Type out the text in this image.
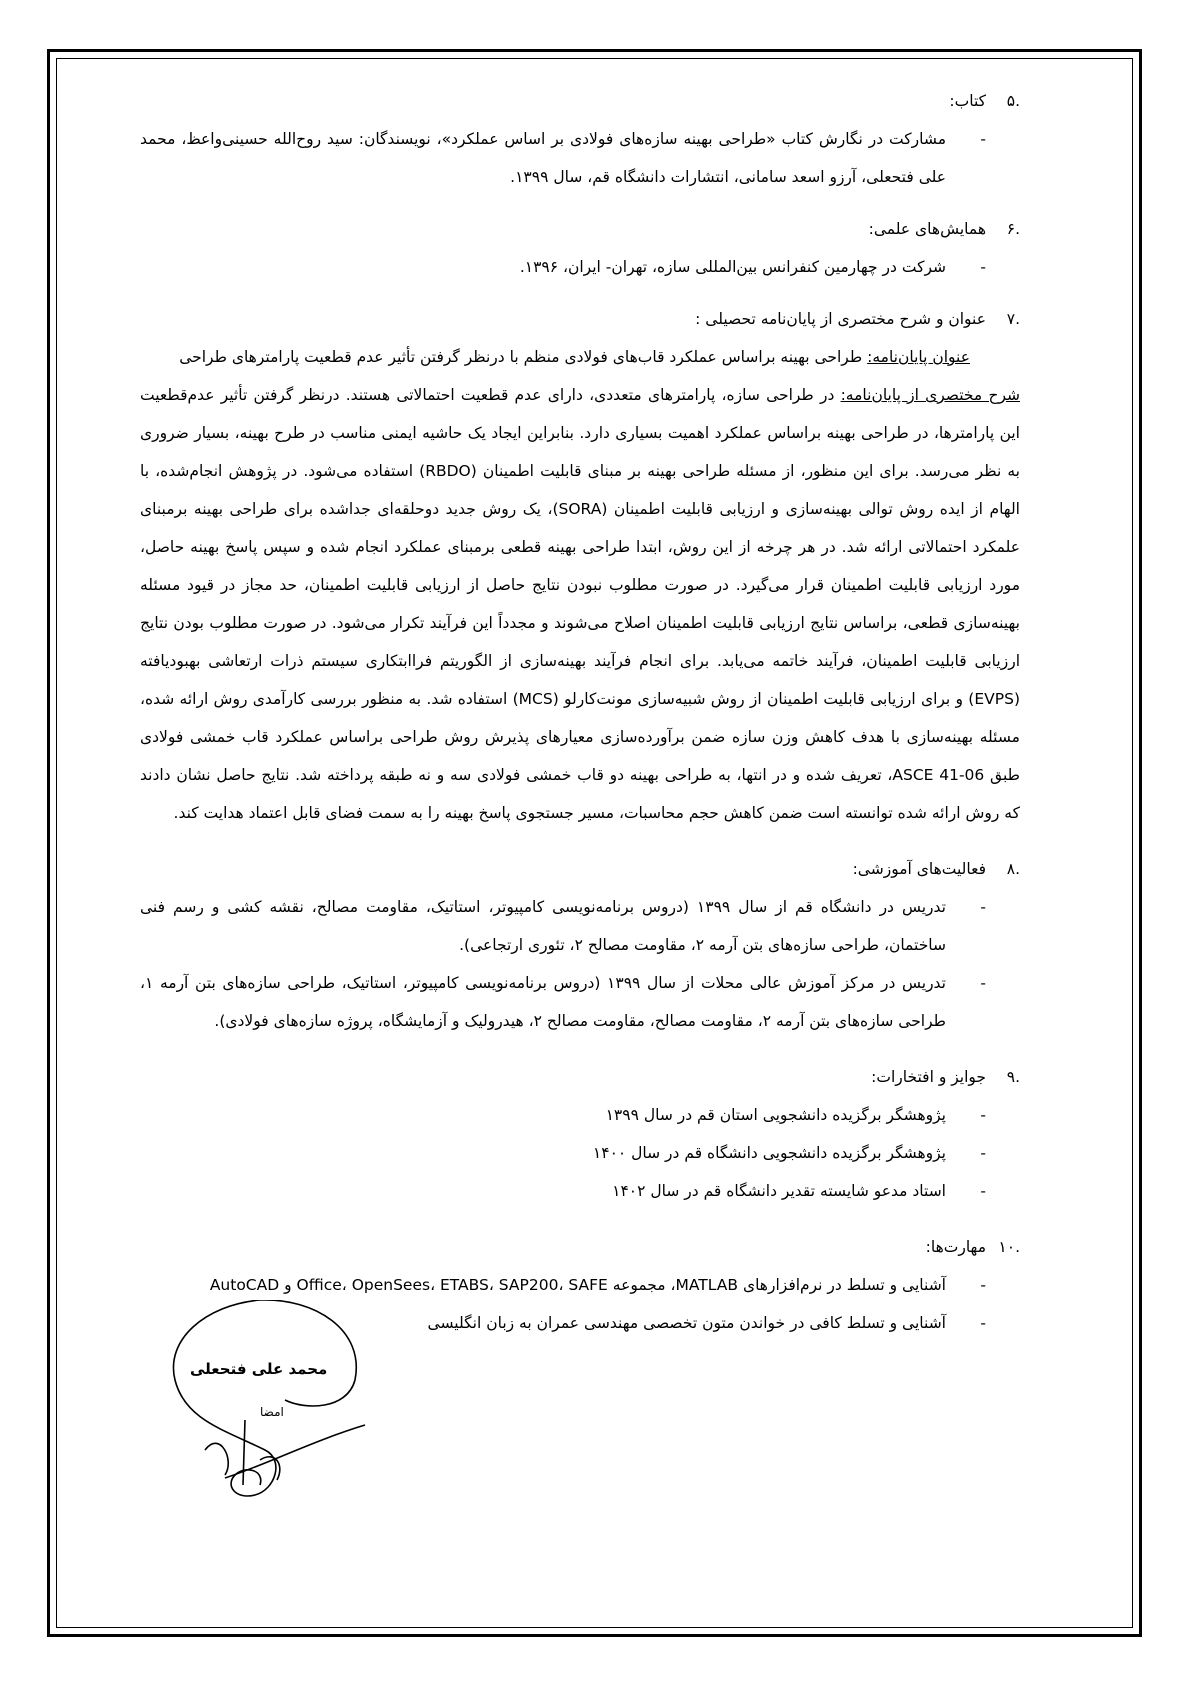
.۵
کتاب:
-
مشارکت در نگارش کتاب «طراحی بهینه سازه‌های فولادی بر اساس عملکرد»، نویسندگان: سید روح‌الله حسینی‌واعظ، محمد علی فتحعلی، آرزو اسعد سامانی، انتشارات دانشگاه قم، سال ۱۳۹۹.
.۶
همایش‌های علمی:
-
شرکت در چهارمین کنفرانس بین‌المللی سازه، تهران- ایران، ۱۳۹۶.
.۷
عنوان و شرح مختصری از پایان‌نامه تحصیلی :
عنوان پایان‌نامه: طراحی بهینه براساس عملکرد قاب‌های فولادی منظم با درنظر گرفتن تأثیر عدم قطعیت پارامترهای طراحی
شرح مختصری از پایان‌نامه: در طراحی سازه، پارامترهای متعددی، دارای عدم قطعیت احتمالاتی هستند. درنظر گرفتن تأثیر عدم‌قطعیت این پارامترها، در طراحی بهینه براساس عملکرد اهمیت بسیاری دارد. بنابراین ایجاد یک حاشیه ایمنی مناسب در طرح بهینه، بسیار ضروری به نظر می‌رسد. برای این منظور، از مسئله طراحی بهینه بر مبنای قابلیت اطمینان (RBDO) استفاده می‌شود. در پژوهش انجام‌شده، با الهام از ایده روش توالی بهینه‌سازی و ارزیابی قابلیت اطمینان (SORA)، یک روش جدید دوحلقه‌ای جداشده برای طراحی بهینه برمبنای علمکرد احتمالاتی ارائه شد. در هر چرخه از این روش، ابتدا طراحی بهینه قطعی برمبنای عملکرد انجام شده و سپس پاسخ بهینه حاصل، مورد ارزیابی قابلیت اطمینان قرار می‌گیرد. در صورت مطلوب نبودن نتایج حاصل از ارزیابی قابلیت اطمینان، حد مجاز در قیود مسئله بهینه‌سازی قطعی، براساس نتایج ارزیابی قابلیت اطمینان اصلاح می‌شوند و مجدداً این فرآیند تکرار می‌شود. در صورت مطلوب بودن نتایج ارزیابی قابلیت اطمینان، فرآیند خاتمه می‌یابد. برای انجام فرآیند بهینه‌سازی از الگوریتم فراابتکاری سیستم ذرات ارتعاشی بهبودیافته (EVPS) و برای ارزیابی قابلیت اطمینان از روش شبیه‌سازی مونت‌کارلو (MCS) استفاده شد. به منظور بررسی کارآمدی روش ارائه شده، مسئله بهینه‌سازی با هدف کاهش وزن سازه ضمن برآورده‌سازی معیارهای پذیرش روش طراحی براساس عملکرد قاب خمشی فولادی طبق ASCE 41-06، تعریف شده و در انتها، به طراحی بهینه دو قاب خمشی فولادی سه و نه طبقه پرداخته شد. نتایج حاصل نشان دادند که روش ارائه شده توانسته است ضمن کاهش حجم محاسبات، مسیر جستجوی پاسخ بهینه را به سمت فضای قابل اعتماد هدایت کند.
.۸
فعالیت‌های آموزشی:
-
تدریس در دانشگاه قم از سال ۱۳۹۹ (دروس برنامه‌نویسی کامپیوتر، استاتیک، مقاومت مصالح، نقشه کشی و رسم فنی ساختمان، طراحی سازه‌های بتن آرمه ۲، مقاومت مصالح ۲، تئوری ارتجاعی).
-
تدریس در مرکز آموزش عالی محلات از سال ۱۳۹۹ (دروس برنامه‌نویسی کامپیوتر، استاتیک، طراحی سازه‌های بتن آرمه ۱، طراحی سازه‌های بتن آرمه ۲، مقاومت مصالح، مقاومت مصالح ۲، هیدرولیک و آزمایشگاه، پروژه سازه‌های فولادی).
.۹
جوایز و افتخارات:
-
پژوهشگر برگزیده دانشجویی استان قم در سال ۱۳۹۹
-
پژوهشگر برگزیده دانشجویی دانشگاه قم در سال ۱۴۰۰
-
استاد مدعو شایسته تقدیر دانشگاه قم در سال ۱۴۰۲
.۱۰
مهارت‌ها:
-
آشنایی و تسلط در نرم‌افزارهای MATLAB، مجموعه Office، OpenSees، ETABS، SAP200، SAFE و AutoCAD
-
آشنایی و تسلط کافی در خواندن متون تخصصی مهندسی عمران به زبان انگلیسی
محمد علی فتحعلی
امضا
